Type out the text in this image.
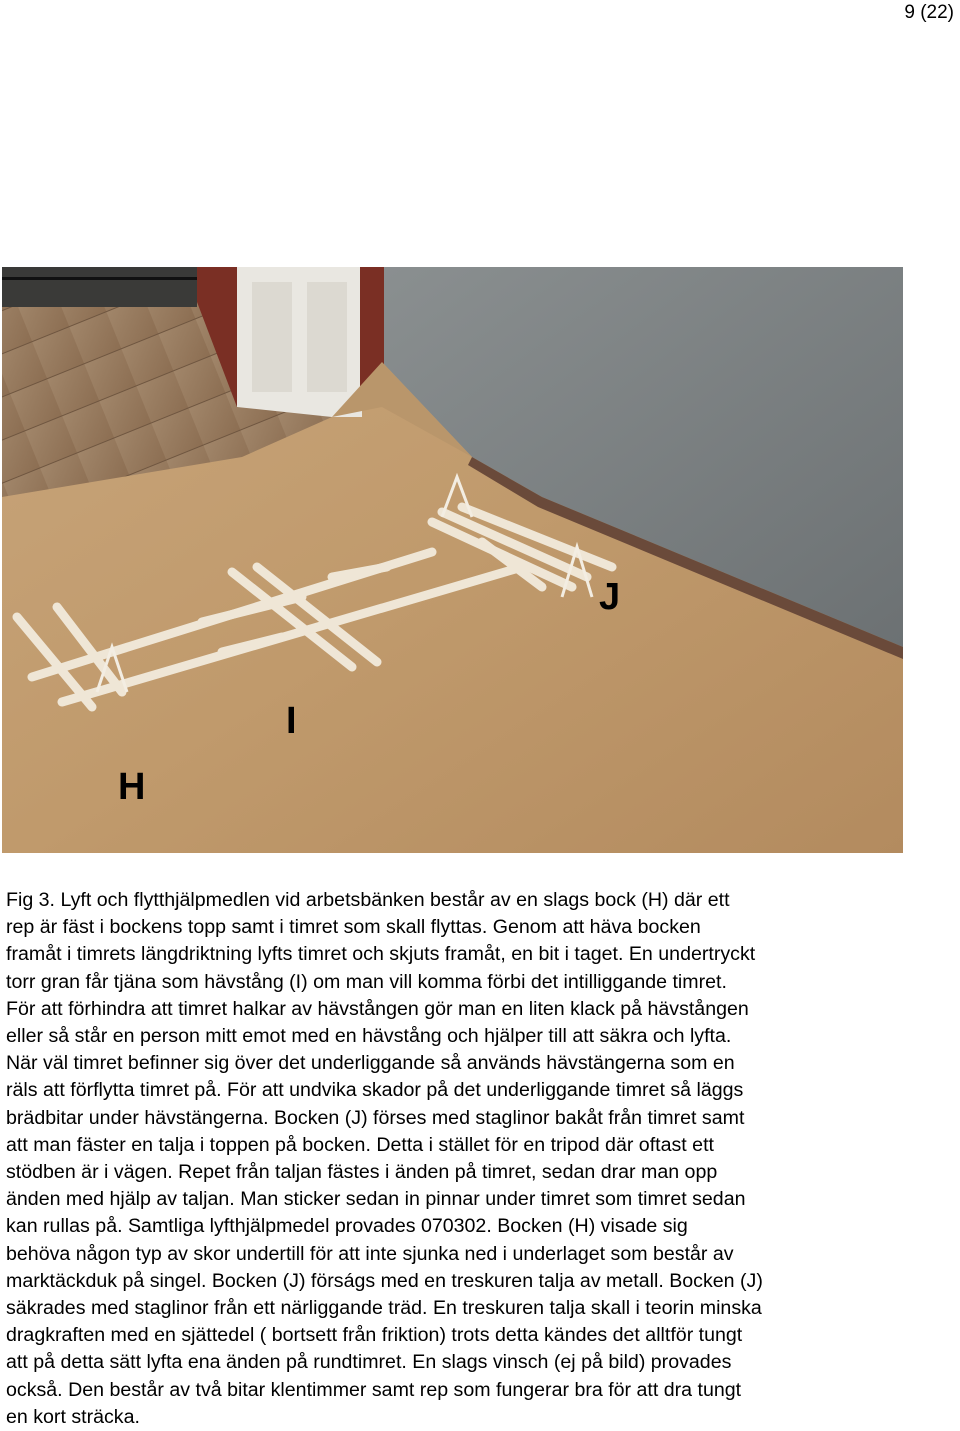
9 (22)
H
I
J
Fig 3. Lyft och flytthjälpmedlen vid arbetsbänken består av en slags bock (H) där ett
rep är fäst i bockens topp samt i timret som skall flyttas. Genom att häva bocken
framåt i timrets längdriktning lyfts timret och skjuts framåt, en bit i taget. En undertryckt
torr gran får tjäna som hävstång (I) om man vill komma förbi det intilliggande timret.
För att förhindra att timret halkar av hävstången gör man en liten klack på hävstången
eller så står en person mitt emot med en hävstång och hjälper till att säkra och lyfta.
När väl timret befinner sig över det underliggande så används hävstängerna som en
räls att förflytta timret på. För att undvika skador på det underliggande timret så läggs
brädbitar under hävstängerna. Bocken (J) förses med staglinor bakåt från timret samt
att man fäster en talja i toppen på bocken. Detta i stället för en tripod där oftast ett
stödben är i vägen. Repet från taljan fästes i änden på timret, sedan drar man opp
änden med hjälp av taljan. Man sticker sedan in pinnar under timret som timret sedan
kan rullas på. Samtliga lyfthjälpmedel provades 070302. Bocken (H) visade sig
behöva någon typ av skor undertill för att inte sjunka ned i underlaget som består av
marktäckduk på singel. Bocken (J) förságs med en treskuren talja av metall. Bocken (J)
säkrades med staglinor från ett närliggande träd. En treskuren talja skall i teorin minska
dragkraften med en sjättedel ( bortsett från friktion) trots detta kändes det alltför tungt
att på detta sätt lyfta ena änden på rundtimret. En slags vinsch (ej på bild) provades
också. Den består av två bitar klentimmer samt rep som fungerar bra för att dra tungt
en kort sträcka.
